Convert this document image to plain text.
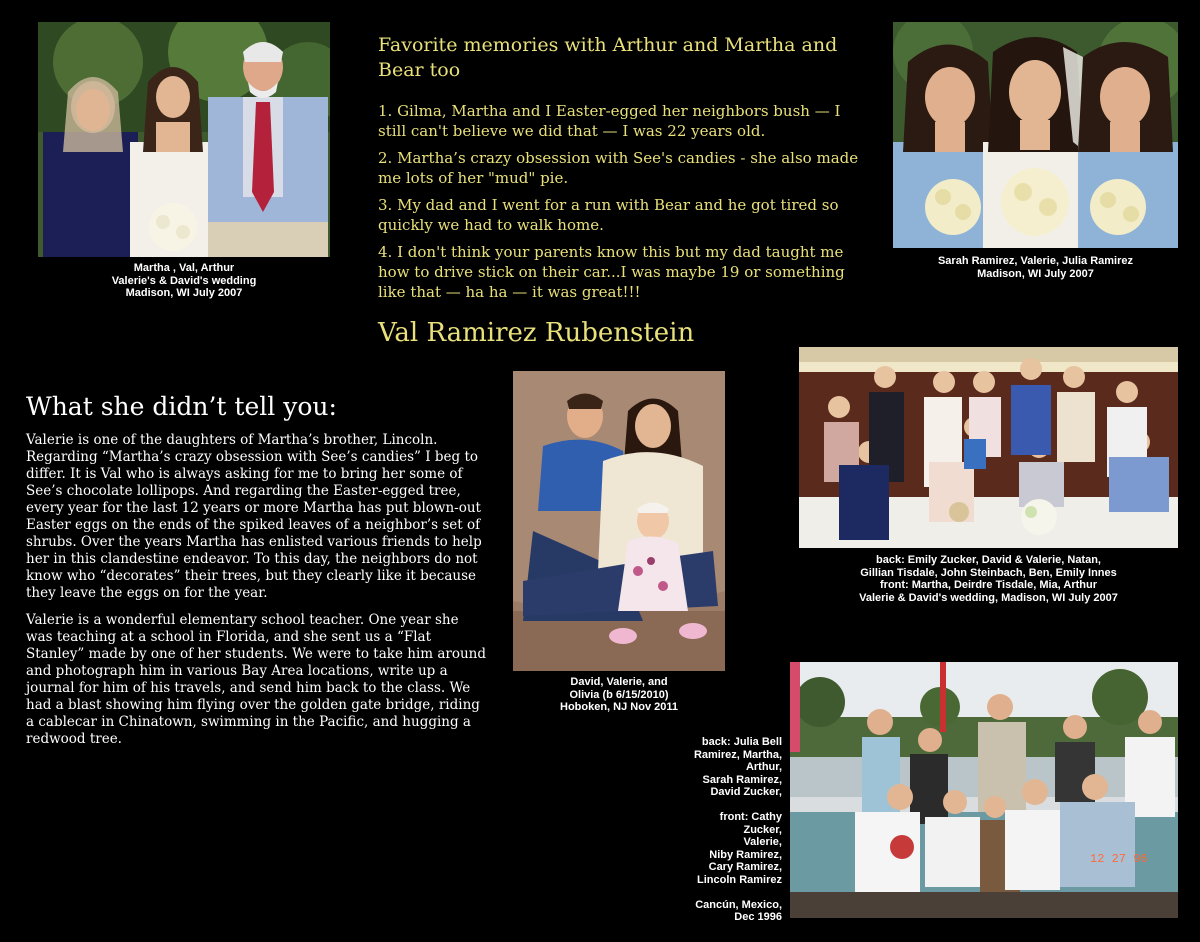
Martha , Val, Arthur
Valerie's & David's wedding
Madison, WI July 2007
Favorite memories with Arthur and Martha and Bear too
1. Gilma, Martha and I Easter-egged her neighbors bush — I still can't believe we did that — I was 22 years old.
2. Martha’s crazy obsession with See's candies - she also made me lots of her "mud" pie.
3. My dad and I went for a run with Bear and he got tired so quickly we had to walk home.
4. I don't think your parents know this but my dad taught me how to drive stick on their car...I was maybe 19 or something like that — ha ha — it was great!!!
Val Ramirez Rubenstein
Sarah Ramirez, Valerie, Julia Ramirez
Madison, WI July 2007
What she didn’t tell you:

Valerie is one of the daughters of Martha’s brother, Lincoln. Regarding “Martha’s crazy obsession with See’s candies” I beg to differ. It is Val who is always asking for me to bring her some of See’s chocolate lollipops. And regarding the Easter-egged tree, every year for the last 12 years or more Martha has put blown-out Easter eggs on the ends of the spiked leaves of a neighbor’s set of shrubs. Over the years Martha has enlisted various friends to help her in this clandestine endeavor. To this day, the neighbors do not know who “decorates” their trees, but they clearly like it because they leave the eggs on for the year.

Valerie is a wonderful elementary school teacher. One year she was teaching at a school in Florida, and she sent us a “Flat Stanley” made by one of her students. We were to take him around and photograph him in various Bay Area locations, write up a journal for him of his travels, and send him back to the class. We had a blast showing him flying over the golden gate bridge, riding a cablecar in Chinatown, swimming in the Pacific, and hugging a redwood tree.

David, Valerie, and
Olivia (b 6/15/2010)
Hoboken, NJ Nov 2011
back: Emily Zucker, David & Valerie, Natan,
Gillian Tisdale, John Steinbach, Ben, Emily Innes
front: Martha, Deirdre Tisdale, Mia, Arthur
Valerie & David's wedding, Madison, WI July 2007
back: Julia Bell
Ramirez, Martha,
Arthur,
Sarah Ramirez,
David Zucker,

front: Cathy
Zucker,
Valerie,
Niby Ramirez,
Cary Ramirez,
Lincoln Ramirez

Cancún, Mexico,
Dec 1996
12 27 96
